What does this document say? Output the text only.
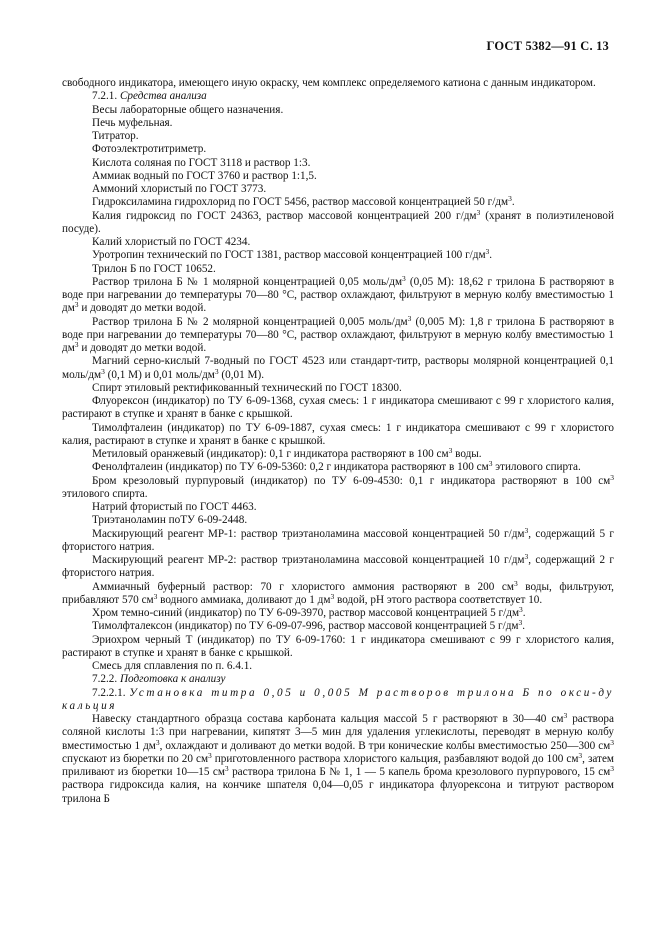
ГОСТ 5382—91 С. 13

свободного индикатора, имеющего иную окраску, чем комплекс определяемого катиона с данным индикатором.

7.2.1. Средства анализа

Весы лабораторные общего назначения.

Печь муфельная.

Титратор.

Фотоэлектротитриметр.

Кислота соляная по ГОСТ 3118 и раствор 1:3.

Аммиак водный по ГОСТ 3760 и раствор 1:1,5.

Аммоний хлористый по ГОСТ 3773.

Гидроксиламина гидрохлорид по ГОСТ 5456, раствор массовой концентрацией 50 $г/дм^3$.

Калия гидроксид по ГОСТ 24363, раствор массовой концентрацией 200 $г/дм^3$ (хранят в полиэтиленовой посуде).

Калий хлористый по ГОСТ 4234.

Уротропин технический по ГОСТ 1381, раствор массовой концентрацией 100 $г/дм^3$.

Трилон Б по ГОСТ 10652.

Раствор трилона Б № 1 молярной концентрацией 0,05 моль/$дм^3$ (0,05 М): 18,62 г трилона Б растворяют в воде при нагревании до температуры 70—80 °С, раствор охлаждают, фильтруют в мерную колбу вместимостью 1 $дм^3$ и доводят до метки водой.

Раствор трилона Б № 2 молярной концентрацией 0,005 моль/$дм^3$ (0,005 М): 1,8 г трилона Б растворяют в воде при нагревании до температуры 70—80 °С, раствор охлаждают, фильтруют в мерную колбу вместимостью 1 $дм^3$ и доводят до метки водой.

Магний серно-кислый 7-водный по ГОСТ 4523 или стандарт-титр, растворы молярной концентрацией 0,1 моль/$дм^3$ (0,1 М) и 0,01 моль/$дм^3$ (0,01 М).

Спирт этиловый ректификованный технический по ГОСТ 18300.

Флуорексон (индикатор) по ТУ 6-09-1368, сухая смесь: 1 г индикатора смешивают с 99 г хлористого калия, растирают в ступке и хранят в банке с крышкой.

Тимолфталеин (индикатор) по ТУ 6-09-1887, сухая смесь: 1 г индикатора смешивают с 99 г хлористого калия, растирают в ступке и хранят в банке с крышкой.

Метиловый оранжевый (индикатор): 0,1 г индикатора растворяют в 100 $см^3$ воды.

Фенолфталеин (индикатор) по ТУ 6-09-5360: 0,2 г индикатора растворяют в 100 $см^3$ этилового спирта.

Бром крезоловый пурпуровый (индикатор) по ТУ 6-09-4530: 0,1 г индикатора растворяют в 100 $см^3$ этилового спирта.

Натрий фтористый по ГОСТ 4463.

Триэтаноламин поТУ 6-09-2448.

Маскирующий реагент МР-1: раствор триэтаноламина массовой концентрацией 50 $г/дм^3$, содержащий 5 г фтористого натрия.

Маскирующий реагент МР-2: раствор триэтаноламина массовой концентрацией 10 $г/дм^3$, содержащий 2 г фтористого натрия.

Аммиачный буферный раствор: 70 г хлористого аммония растворяют в 200 $см^3$ воды, фильтруют, прибавляют 570 $см^3$ водного аммиака, доливают до 1 $дм^3$ водой, рН этого раствора соответствует 10.

Хром темно-синий (индикатор) по ТУ 6-09-3970, раствор массовой концентрацией 5 $г/дм^3$.

Тимолфталексон (индикатор) по ТУ 6-09-07-996, раствор массовой концентрацией 5 $г/дм^3$.

Эриохром черный Т (индикатор) по ТУ 6-09-1760: 1 г индикатора смешивают с 99 г хлористого калия, растирают в ступке и хранят в банке с крышкой.

Смесь для сплавления по п. 6.4.1.

7.2.2. Подготовка к анализу

7.2.2.1. Установка титра 0,05 и 0,005 М растворов трилона Б по окси-ду кальция

Навеску стандартного образца состава карбоната кальция массой 5 г растворяют в 30—40 $см^3$ раствора соляной кислоты 1:3 при нагревании, кипятят 3—5 мин для удаления углекислоты, переводят в мерную колбу вместимостью 1 $дм^3$, охлаждают и доливают до метки водой. В три конические колбы вместимостью 250—300 $см^3$ спускают из бюретки по 20 $см^3$ приготовленного раствора хлористого кальция, разбавляют водой до 100 $см^3$, затем приливают из бюретки 10—15 $см^3$ раствора трилона Б № 1, 1 — 5 капель брома крезолового пурпурового, 15 $см^3$ раствора гидроксида калия, на кончике шпателя 0,04—0,05 г индикатора флуорексона и титруют раствором трилона Б
